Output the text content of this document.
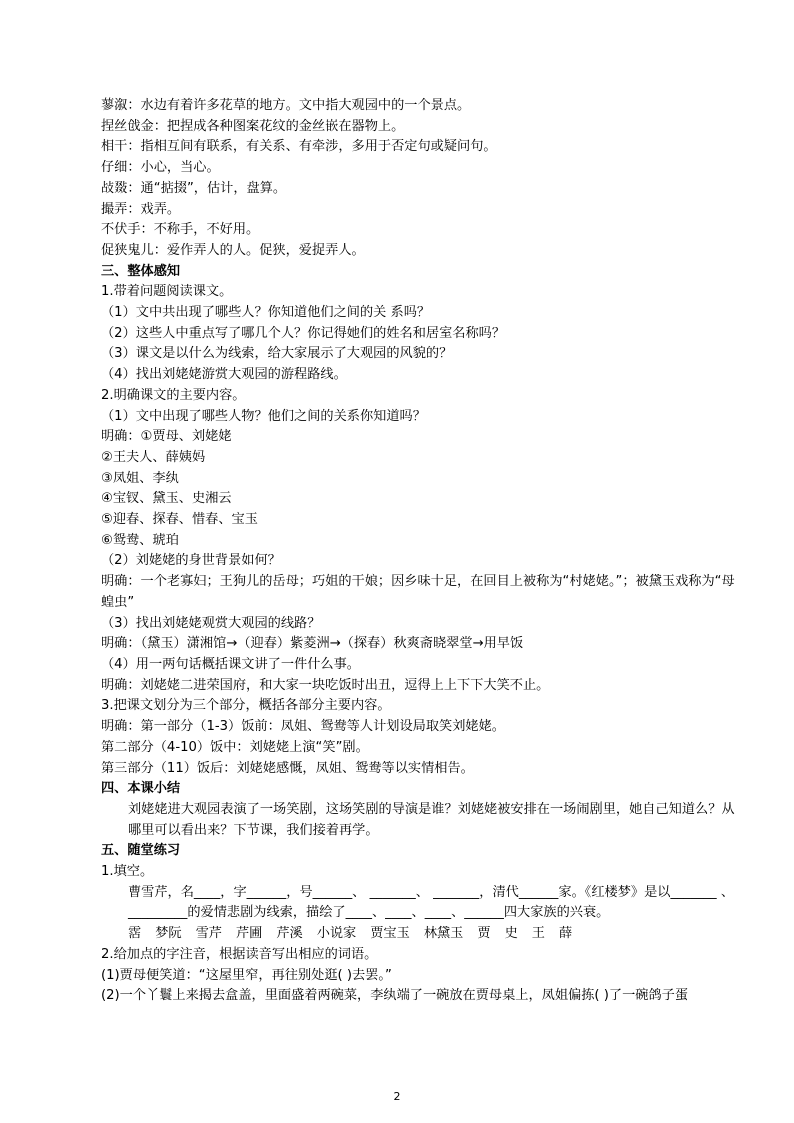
蓼溆：水边有着许多花草的地方。文中指大观园中的一个景点。
捏丝戗金：把捏成各种图案花纹的金丝嵌在器物上。
相干：指相互间有联系，有关系、有牵涉，多用于否定句或疑问句。
仔细：小心，当心。
敁敠：通“掂掇”，估计，盘算。
撮弄：戏弄。
不伏手：不称手，不好用。
促狭鬼儿：爱作弄人的人。促狭，爱捉弄人。
三、整体感知
1.带着问题阅读课文。
（1）文中共出现了哪些人？你知道他们之间的关 系吗？
（2）这些人中重点写了哪几个人？你记得她们的姓名和居室名称吗？
（3）课文是以什么为线索，给大家展示了大观园的风貌的？
（4）找出刘姥姥游赏大观园的游程路线。
2.明确课文的主要内容。
（1）文中出现了哪些人物？他们之间的关系你知道吗？
明确：①贾母、刘姥姥
②王夫人、薛姨妈
③凤姐、李纨
④宝钗、黛玉、史湘云
⑤迎春、探春、惜春、宝玉
⑥鸳鸯、琥珀
（2）刘姥姥的身世背景如何？
明确：一个老寡妇；王狗儿的岳母；巧姐的干娘；因乡味十足，在回目上被称为“村姥姥。”；被黛玉戏称为“母蝗虫”
（3）找出刘姥姥观赏大观园的线路？
明确：（黛玉）潇湘馆→（迎春）紫菱洲→（探春）秋爽斋晓翠堂→用早饭
（4）用一两句话概括课文讲了一件什么事。
明确：刘姥姥二进荣国府，和大家一块吃饭时出丑，逗得上上下下大笑不止。
3.把课文划分为三个部分，概括各部分主要内容。
明确：第一部分（1-3）饭前：凤姐、鸳鸯等人计划设局取笑刘姥姥。
第二部分（4-10）饭中：刘姥姥上演“笑”剧。
第三部分（11）饭后：刘姥姥感慨，凤姐、鸳鸯等以实情相告。
四、本课小结
刘姥姥进大观园表演了一场笑剧，这场笑剧的导演是谁？刘姥姥被安排在一场闹剧里，她自己知道么？从哪里可以看出来？下节课，我们接着再学。
五、随堂练习
1.填空。
曹雪芹，名____，字______，号______、 _______、 _______，清代______家。《红楼梦》是以_______ 、 _________的爱情悲剧为线索，描绘了____、____、____、______四大家族的兴衰。
霑 梦阮 雪芹 芹圃 芹溪 小说家 贾宝玉 林黛玉 贾 史 王 薛
2.给加点的字注音，根据读音写出相应的词语。
(1)贾母便笑道：“这屋里窄，再往别处逛( )去罢。”
(2)一个丫鬟上来揭去盒盖，里面盛着两碗菜，李纨端了一碗放在贾母桌上，凤姐偏拣( )了一碗鸽子蛋
2
